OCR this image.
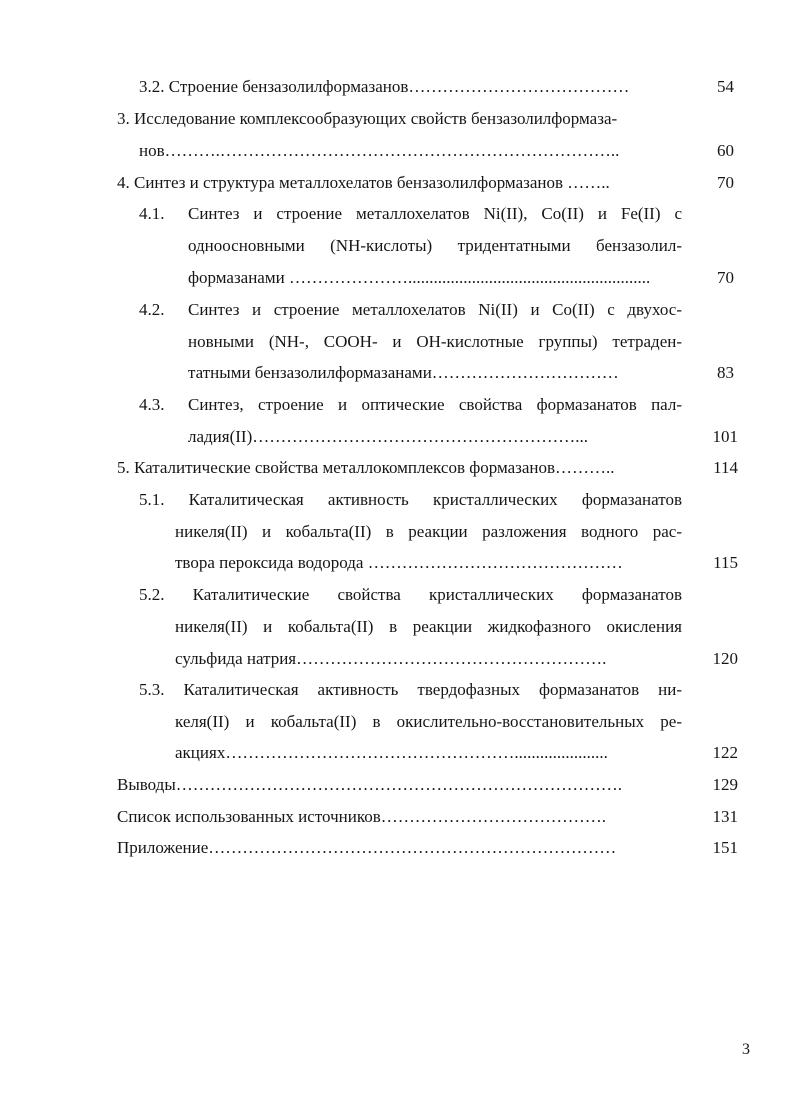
3.2. Строение бензазолилформазанов…………………………………	54
3. Исследование комплексообразующих свойств бензазолилформаза-
нов……….……………………………………………………………..	60
4. Синтез и структура металлохелатов бензазолилформазанов ……..	70
4.1. Синтез и строение металлохелатов Ni(II), Co(II) и Fe(II) с
одноосновными (NH-кислоты) тридентатными бензазолил-
формазанами ………………….........................................................	70
4.2. Синтез и строение металлохелатов Ni(II) и Co(II) с двухос-
новными (NH-, COOH- и OH-кислотные группы) тетраден-
татными бензазолилформазанами……………………………	83
4.3. Синтез, строение и оптические свойства формазанатов пал-
ладия(II)…………………………………………………...	101
5. Каталитические свойства металлокомплексов формазанов………..	114
5.1. Каталитическая активность кристаллических формазанатов
никеля(II) и кобальта(II) в реакции разложения водного рас-
твора пероксида водорода ………………………………………	115
5.2. Каталитические свойства кристаллических формазанатов
никеля(II) и кобальта(II) в реакции жидкофазного окисления
сульфида натрия……………………………………………….	120
5.3. Каталитическая активность твердофазных формазанатов ни-
келя(II) и кобальта(II) в окислительно-восстановительных ре-
акциях……………………………………………......................	122
Выводы…………………………………………………………………….	129
Список использованных источников………………………………….	131
Приложение………………………………………………………………	151
3
